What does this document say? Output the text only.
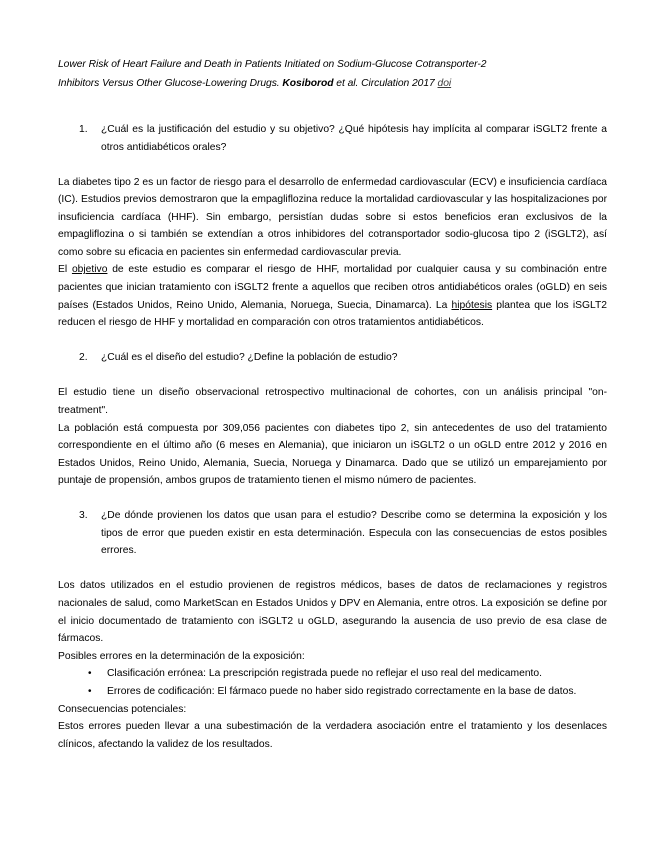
Lower Risk of Heart Failure and Death in Patients Initiated on Sodium-Glucose Cotransporter-2
Inhibitors Versus Other Glucose-Lowering Drugs. Kosiborod et al. Circulation 2017 doi
1.	¿Cuál es la justificación del estudio y su objetivo? ¿Qué hipótesis hay implícita al comparar iSGLT2 frente a otros antidiabéticos orales?

La diabetes tipo 2 es un factor de riesgo para el desarrollo de enfermedad cardiovascular (ECV) e insuficiencia cardíaca (IC). Estudios previos demostraron que la empagliflozina reduce la mortalidad cardiovascular y las hospitalizaciones por insuficiencia cardíaca (HHF). Sin embargo, persistían dudas sobre si estos beneficios eran exclusivos de la empagliflozina o si también se extendían a otros inhibidores del cotransportador sodio-glucosa tipo 2 (iSGLT2), así como sobre su eficacia en pacientes sin enfermedad cardiovascular previa.

El objetivo de este estudio es comparar el riesgo de HHF, mortalidad por cualquier causa y su combinación entre pacientes que inician tratamiento con iSGLT2 frente a aquellos que reciben otros antidiabéticos orales (oGLD) en seis países (Estados Unidos, Reino Unido, Alemania, Noruega, Suecia, Dinamarca). La hipótesis plantea que los iSGLT2 reducen el riesgo de HHF y mortalidad en comparación con otros tratamientos antidiabéticos.

2.	¿Cuál es el diseño del estudio? ¿Define la población de estudio?

El estudio tiene un diseño observacional retrospectivo multinacional de cohortes, con un análisis principal "on-treatment".

La población está compuesta por 309,056 pacientes con diabetes tipo 2, sin antecedentes de uso del tratamiento correspondiente en el último año (6 meses en Alemania), que iniciaron un iSGLT2 o un oGLD entre 2012 y 2016 en Estados Unidos, Reino Unido, Alemania, Suecia, Noruega y Dinamarca. Dado que se utilizó un emparejamiento por puntaje de propensión, ambos grupos de tratamiento tienen el mismo número de pacientes.

3.	¿De dónde provienen los datos que usan para el estudio? Describe como se determina la exposición y los tipos de error que pueden existir en esta determinación. Especula con las consecuencias de estos posibles errores.

Los datos utilizados en el estudio provienen de registros médicos, bases de datos de reclamaciones y registros nacionales de salud, como MarketScan en Estados Unidos y DPV en Alemania, entre otros. La exposición se define por el inicio documentado de tratamiento con iSGLT2 u oGLD, asegurando la ausencia de uso previo de esa clase de fármacos.

Posibles errores en la determinación de la exposición:

• Clasificación errónea: La prescripción registrada puede no reflejar el uso real del medicamento.
• Errores de codificación: El fármaco puede no haber sido registrado correctamente en la base de datos.

Consecuencias potenciales:

Estos errores pueden llevar a una subestimación de la verdadera asociación entre el tratamiento y los desenlaces clínicos, afectando la validez de los resultados.
